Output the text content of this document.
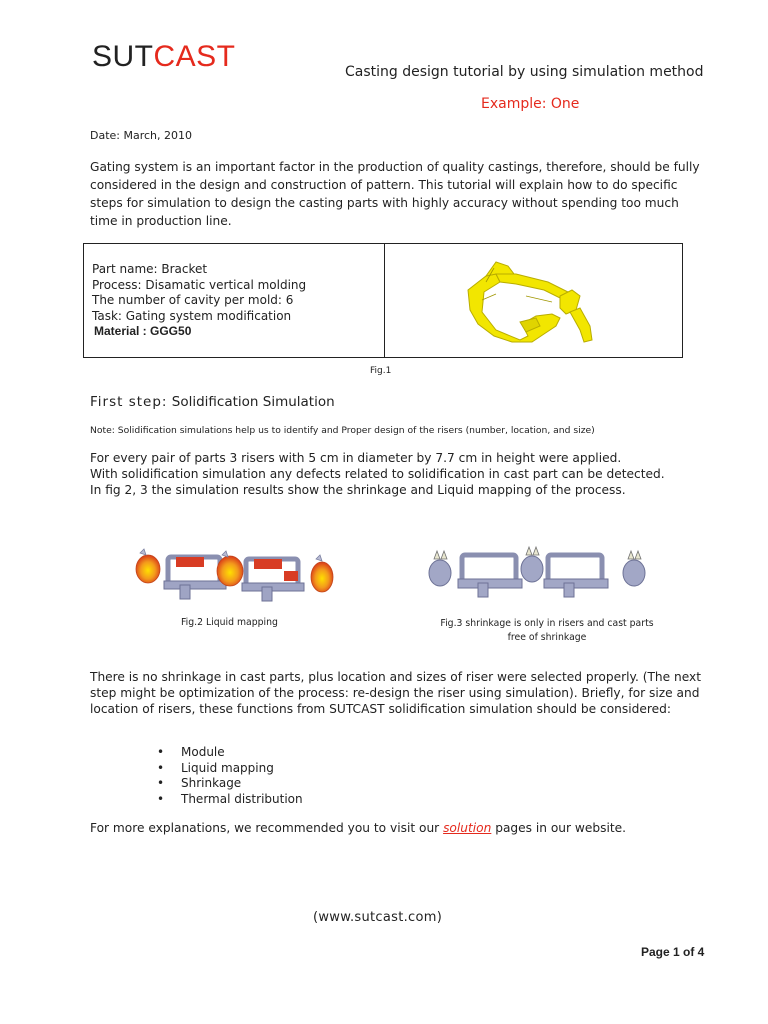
SUTCAST	Casting design tutorial by using simulation method
Example: One
Date: March, 2010
Gating system is an important factor in the production of quality castings, therefore, should be fully considered in the design and construction of pattern. This tutorial will explain how to do specific steps for simulation to design the casting parts with highly accuracy without spending too much time in production line.
Part name: Bracket
Process: Disamatic vertical molding
The number of cavity per mold: 6
Task: Gating system modification
Material : GGG50
Fig.1
First step: Solidification Simulation
Note: Solidification simulations help us to identify and Proper design of the risers (number, location, and size)
For every pair of parts 3 risers with 5 cm in diameter by 7.7 cm in height were applied.
With solidification simulation any defects related to solidification in cast part can be detected.
In fig 2, 3 the simulation results show the shrinkage and Liquid mapping of the process.
Fig.2 Liquid mapping	Fig.3 shrinkage is only in risers and cast parts free of shrinkage
There is no shrinkage in cast parts, plus location and sizes of riser were selected properly. (The next step might be optimization of the process: re-design the riser using simulation). Briefly, for size and location of risers, these functions from SUTCAST solidification simulation should be considered:
• Module
• Liquid mapping
• Shrinkage
• Thermal distribution
For more explanations, we recommended you to visit our solution pages in our website.
(www.sutcast.com)
Page 1 of 4
